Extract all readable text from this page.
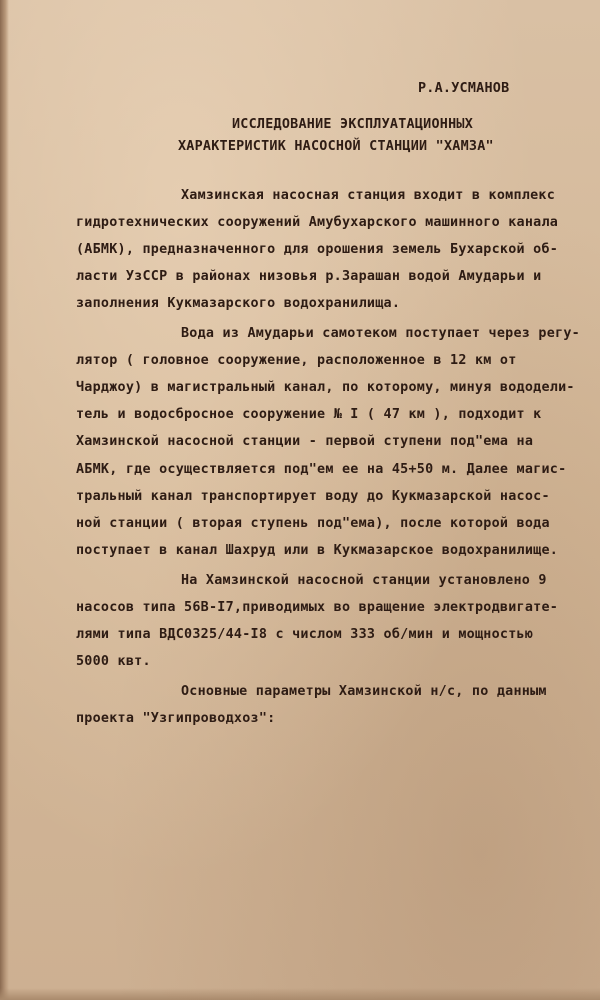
Р.А.УСМАНОВ
ИССЛЕДОВАНИЕ ЭКСПЛУАТАЦИОННЫХ
ХАРАКТЕРИСТИК НАСОСНОЙ СТАНЦИИ "ХАМЗА"
Хамзинская насосная станция входит в комплекс
гидротехнических сооружений Амубухарского машинного канала
(АБМК), предназначенного для орошения земель Бухарской об-
ласти УзССР в районах низовья р.Зарашан водой Амударьи и
заполнения Кукмазарского водохранилища.
Вода из Амударьи самотеком поступает через регу-
лятор ( головное сооружение, расположенное в 12 км от
Чарджоу) в магистральный канал, по которому, минуя вододели-
тель и водосбросное сооружение № I ( 47 км ), подходит к
Хамзинской насосной станции - первой ступени под"ема на
АБМК, где осуществляется под"ем ее на 45+50 м. Далее магис-
тральный канал транспортирует воду до Кукмазарской насос-
ной станции ( вторая ступень под"ема), после которой вода
поступает в канал Шахруд или в Кукмазарское водохранилище.
На Хамзинской насосной станции установлено 9
насосов типа 56В-I7,приводимых во вращение электродвигате-
лями типа ВДС0325/44-I8 с числом 333 об/мин и мощностью
5000 квт.
Основные параметры Хамзинской н/с, по данным
проекта "Узгипроводхоз":
